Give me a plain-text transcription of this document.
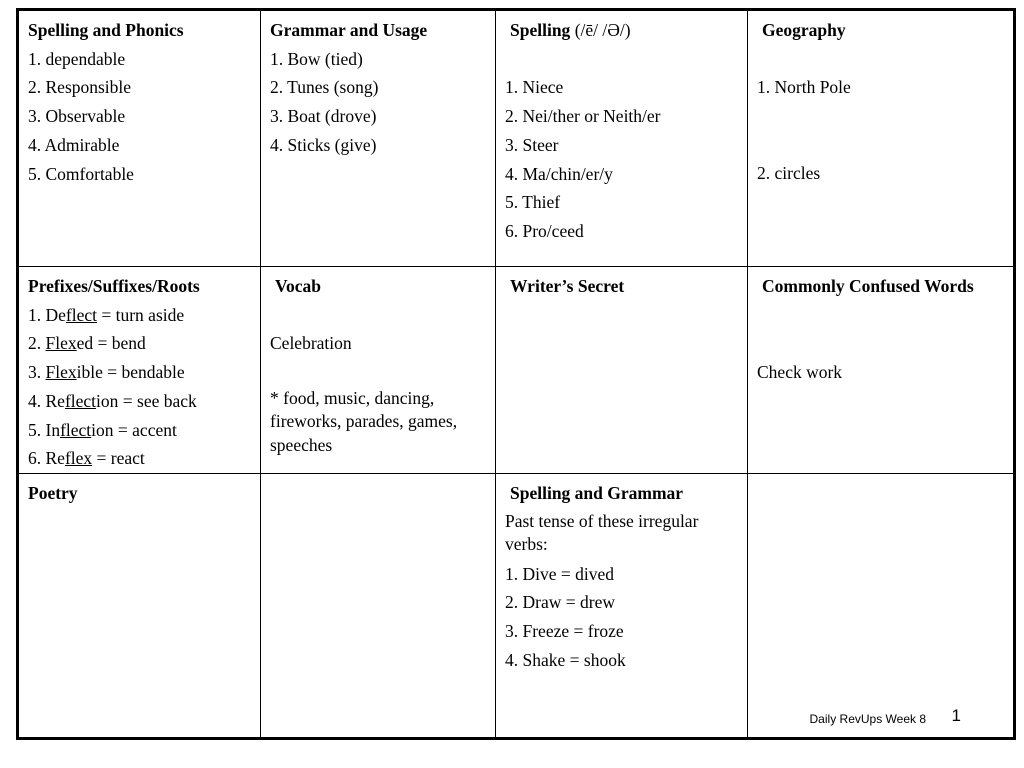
Spelling and Phonics
1. dependable
2. Responsible
3. Observable
4. Admirable
5. Comfortable
Grammar and Usage
1. Bow (tied)
2. Tunes (song)
3. Boat (drove)
4. Sticks (give)
Spelling (/ē/ /Ə/)
1. Niece
2. Nei/ther or Neith/er
3. Steer
4. Ma/chin/er/y
5. Thief
6. Pro/ceed
Geography
1. North Pole
2. circles
Prefixes/Suffixes/Roots
1. Deflect = turn aside
2. Flexed = bend
3. Flexible = bendable
4. Reflection = see back
5. Inflection = accent
6. Reflex = react
Vocab
Celebration
* food, music, dancing, fireworks, parades, games, speeches
Writer’s Secret	Commonly Confused Words
Check work
Poetry	Spelling and Grammar
Past tense of these irregular verbs:
1. Dive = dived
2. Draw = drew
3. Freeze = froze
4. Shake = shook
Daily RevUps Week 8 1
